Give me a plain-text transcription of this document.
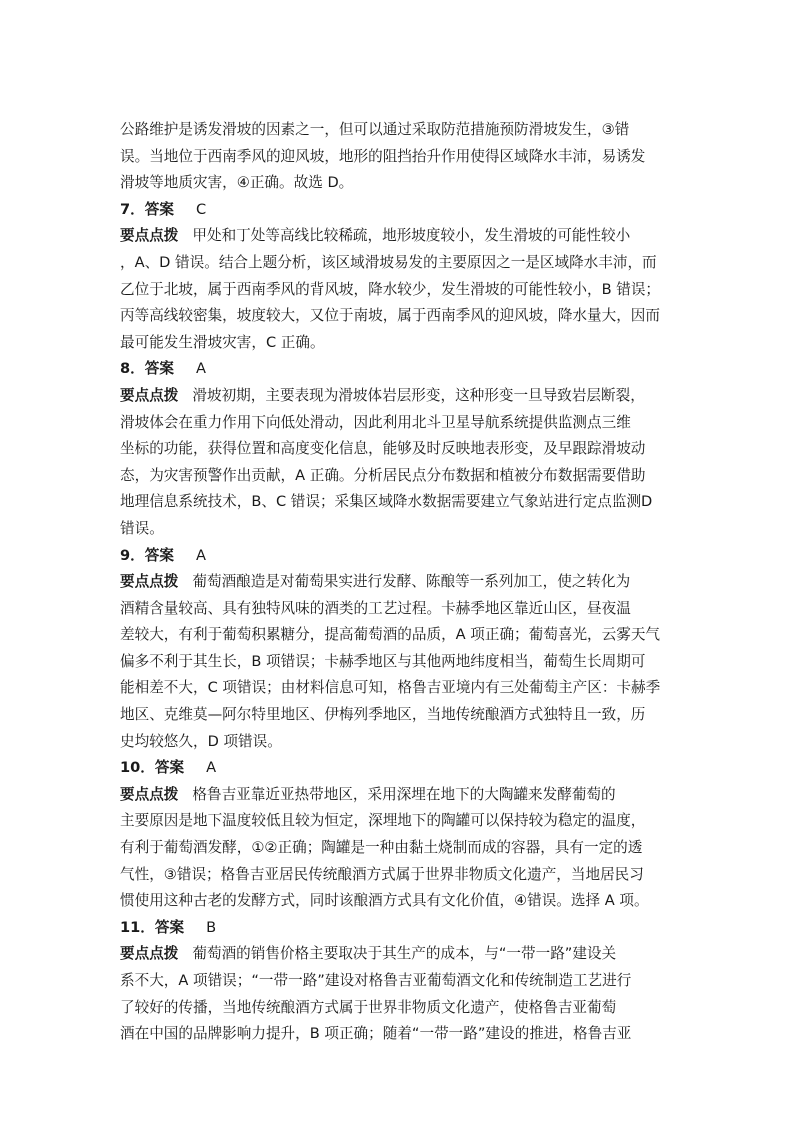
公路维护是诱发滑坡的因素之一，但可以通过采取防范措施预防滑坡发生，③错
误。当地位于西南季风的迎风坡，地形的阻挡抬升作用使得区域降水丰沛，易诱发
滑坡等地质灾害，④正确。故选 D。

7．答案 C

要点点拨 甲处和丁处等高线比较稀疏，地形坡度较小，发生滑坡的可能性较小
，A、D 错误。结合上题分析，该区域滑坡易发的主要原因之一是区域降水丰沛，而
乙位于北坡，属于西南季风的背风坡，降水较少，发生滑坡的可能性较小，B 错误；
丙等高线较密集，坡度较大，又位于南坡，属于西南季风的迎风坡，降水量大，因而
最可能发生滑坡灾害，C 正确。

8．答案 A

要点点拨 滑坡初期，主要表现为滑坡体岩层形变，这种形变一旦导致岩层断裂，
滑坡体会在重力作用下向低处滑动，因此利用北斗卫星导航系统提供监测点三维
坐标的功能，获得位置和高度变化信息，能够及时反映地表形变，及早跟踪滑坡动
态，为灾害预警作出贡献，A 正确。分析居民点分布数据和植被分布数据需要借助
地理信息系统技术，B、C 错误；采集区域降水数据需要建立气象站进行定点监测D
错误。

9．答案 A

要点点拨 葡萄酒酿造是对葡萄果实进行发酵、陈酿等一系列加工，使之转化为
酒精含量较高、具有独特风味的酒类的工艺过程。卡赫季地区靠近山区，昼夜温
差较大，有利于葡萄积累糖分，提高葡萄酒的品质，A 项正确；葡萄喜光，云雾天气
偏多不利于其生长，B 项错误；卡赫季地区与其他两地纬度相当，葡萄生长周期可
能相差不大，C 项错误；由材料信息可知，格鲁吉亚境内有三处葡萄主产区：卡赫季
地区、克维莫—阿尔特里地区、伊梅列季地区，当地传统酿酒方式独特且一致，历
史均较悠久，D 项错误。

10．答案 A

要点点拨 格鲁吉亚靠近亚热带地区，采用深埋在地下的大陶罐来发酵葡萄的
主要原因是地下温度较低且较为恒定，深埋地下的陶罐可以保持较为稳定的温度，
有利于葡萄酒发酵，①②正确；陶罐是一种由黏土烧制而成的容器，具有一定的透
气性，③错误；格鲁吉亚居民传统酿酒方式属于世界非物质文化遗产，当地居民习
惯使用这种古老的发酵方式，同时该酿酒方式具有文化价值，④错误。选择 A 项。

11．答案 B

要点点拨 葡萄酒的销售价格主要取决于其生产的成本，与“一带一路”建设关
系不大，A 项错误；“一带一路”建设对格鲁吉亚葡萄酒文化和传统制造工艺进行
了较好的传播，当地传统酿酒方式属于世界非物质文化遗产，使格鲁吉亚葡萄
酒在中国的品牌影响力提升，B 项正确；随着“一带一路”建设的推进，格鲁吉亚
